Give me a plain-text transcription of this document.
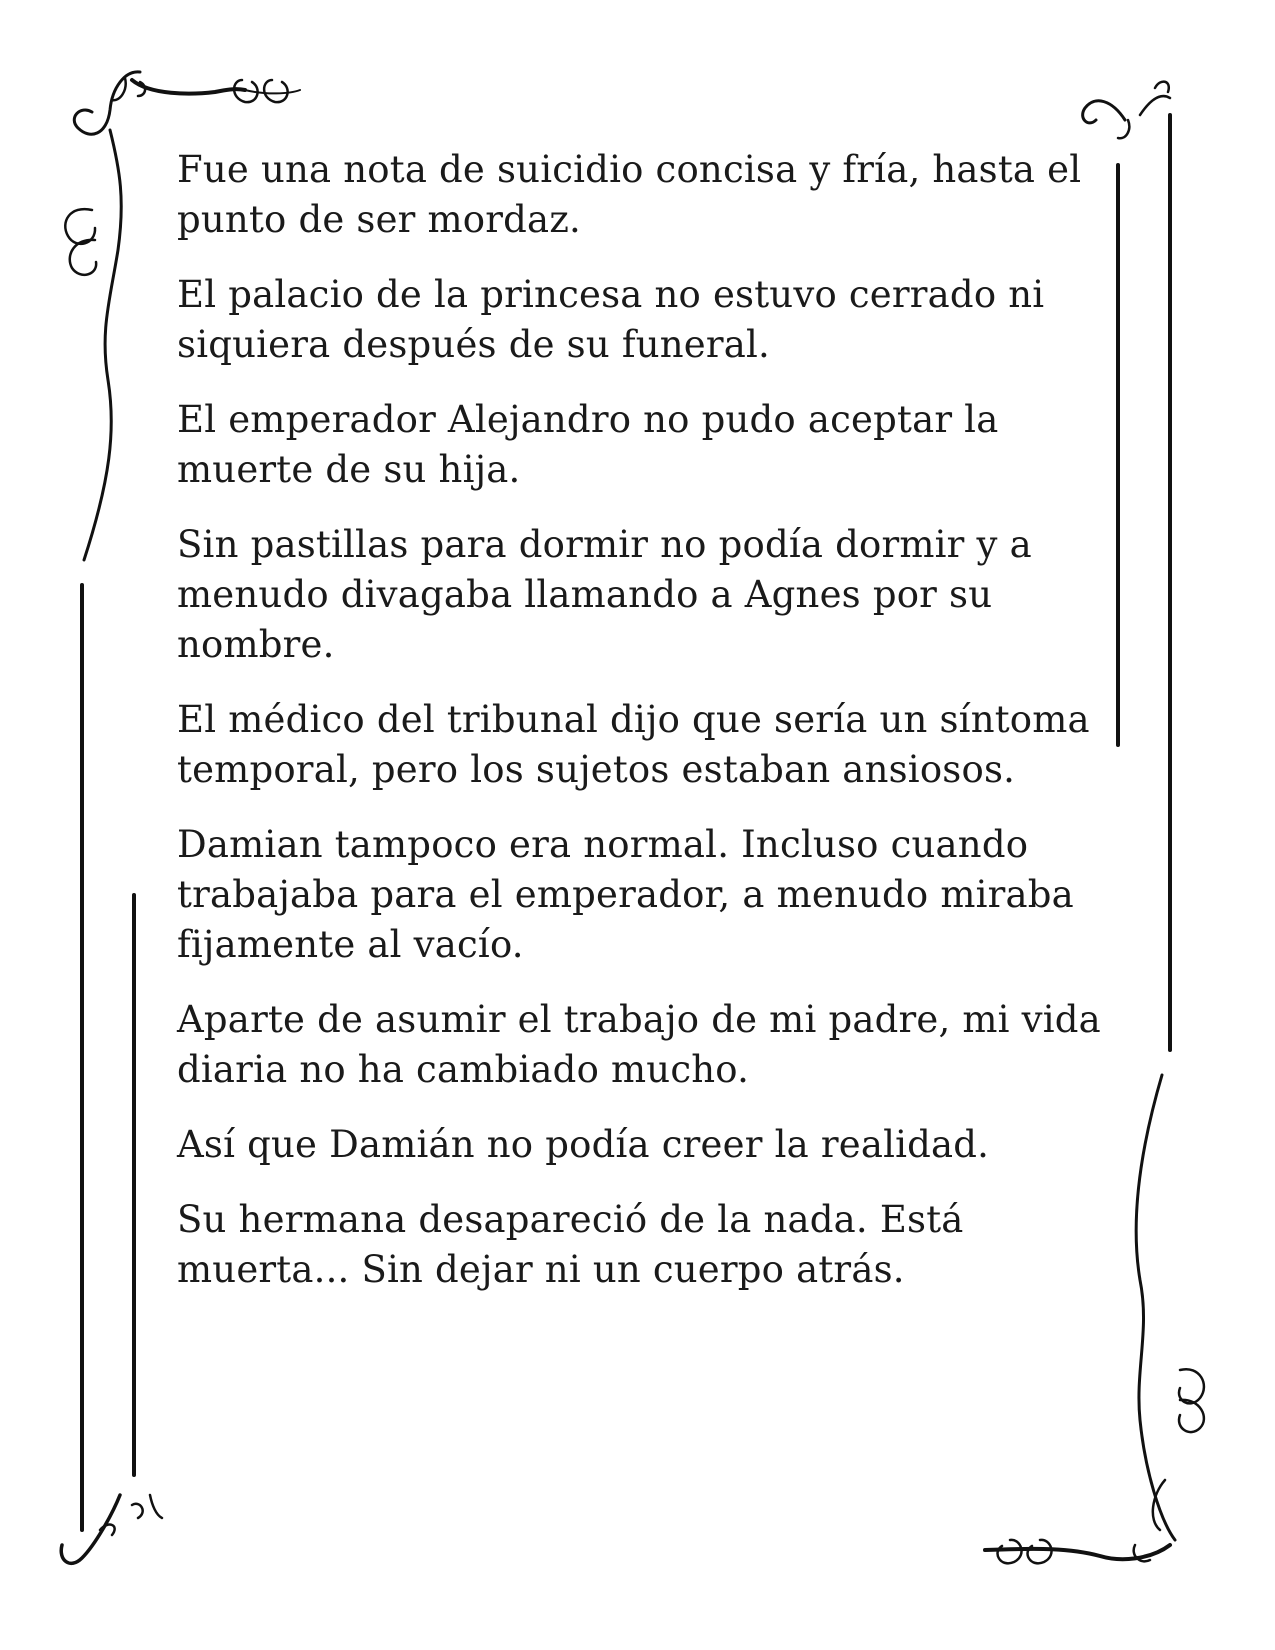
Fue una nota de suicidio concisa y fría, hasta el punto de ser mordaz.

El palacio de la princesa no estuvo cerrado ni siquiera después de su funeral.

El emperador Alejandro no pudo aceptar la muerte de su hija.

Sin pastillas para dormir no podía dormir y a menudo divagaba llamando a Agnes por su nombre.

El médico del tribunal dijo que sería un síntoma temporal, pero los sujetos estaban ansiosos.

Damian tampoco era normal. Incluso cuando trabajaba para el emperador, a menudo miraba fijamente al vacío.

Aparte de asumir el trabajo de mi padre, mi vida diaria no ha cambiado mucho.

Así que Damián no podía creer la realidad.

Su hermana desapareció de la nada. Está muerta... Sin dejar ni un cuerpo atrás.
